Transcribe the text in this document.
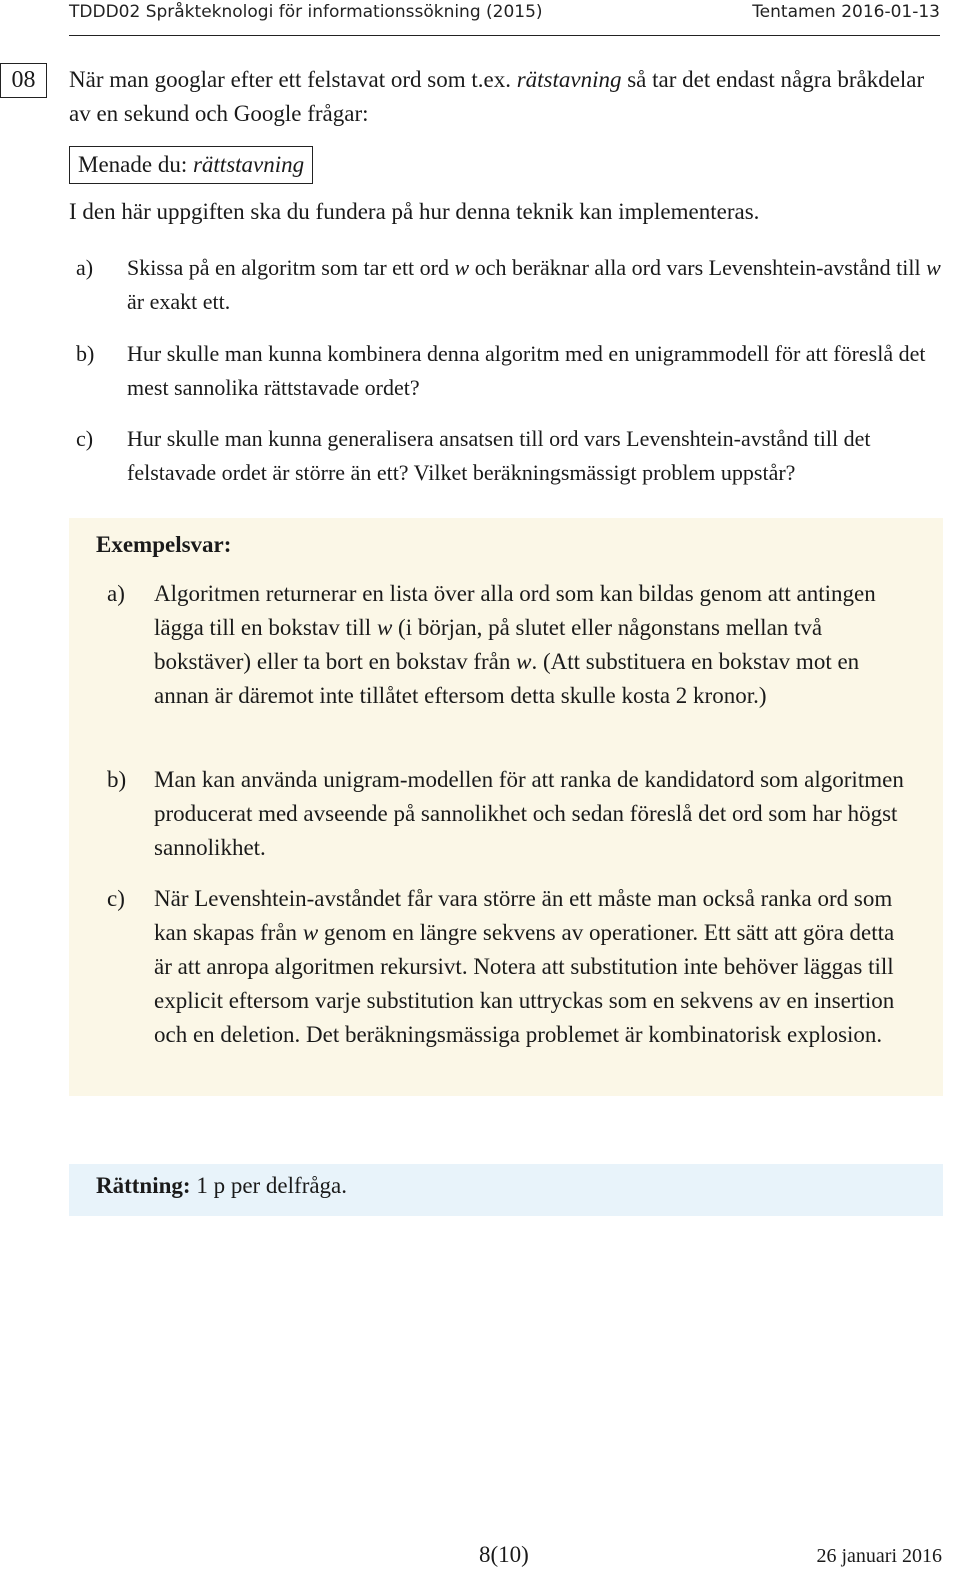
TDDD02 Språkteknologi för informationssökning (2015)	Tentamen 2016-01-13
08	När man googlar efter ett felstavat ord som t.ex. rätstavning så tar det endast några bråkdelar av en sekund och Google frågar:
Menade du: rättstavning
I den här uppgiften ska du fundera på hur denna teknik kan implementeras.
a) Skissa på en algoritm som tar ett ord w och beräknar alla ord vars Levenshtein-avstånd till w är exakt ett.
b) Hur skulle man kunna kombinera denna algoritm med en unigrammodell för att föreslå det mest sannolika rättstavade ordet?
c) Hur skulle man kunna generalisera ansatsen till ord vars Levenshtein-avstånd till det felstavade ordet är större än ett? Vilket beräkningsmässigt problem uppstår?
Exempelsvar:
a) Algoritmen returnerar en lista över alla ord som kan bildas genom att antingen lägga till en bokstav till w (i början, på slutet eller någonstans mellan två bokstäver) eller ta bort en bokstav från w. (Att substituera en bokstav mot en annan är däremot inte tillåtet eftersom detta skulle kosta 2 kronor.)
b) Man kan använda unigram-modellen för att ranka de kandidatord som algoritmen producerat med avseende på sannolikhet och sedan föreslå det ord som har högst sannolikhet.
c) När Levenshtein-avståndet får vara större än ett måste man också ranka ord som kan skapas från w genom en längre sekvens av operationer. Ett sätt att göra detta är att anropa algoritmen rekursivt. Notera att substitution inte behöver läggas till explicit eftersom varje substitution kan uttryckas som en sekvens av en insertion och en deletion. Det beräkningsmässiga problemet är kombinatorisk explosion.
Rättning: 1 p per delfråga.
8(10)	26 januari 2016
